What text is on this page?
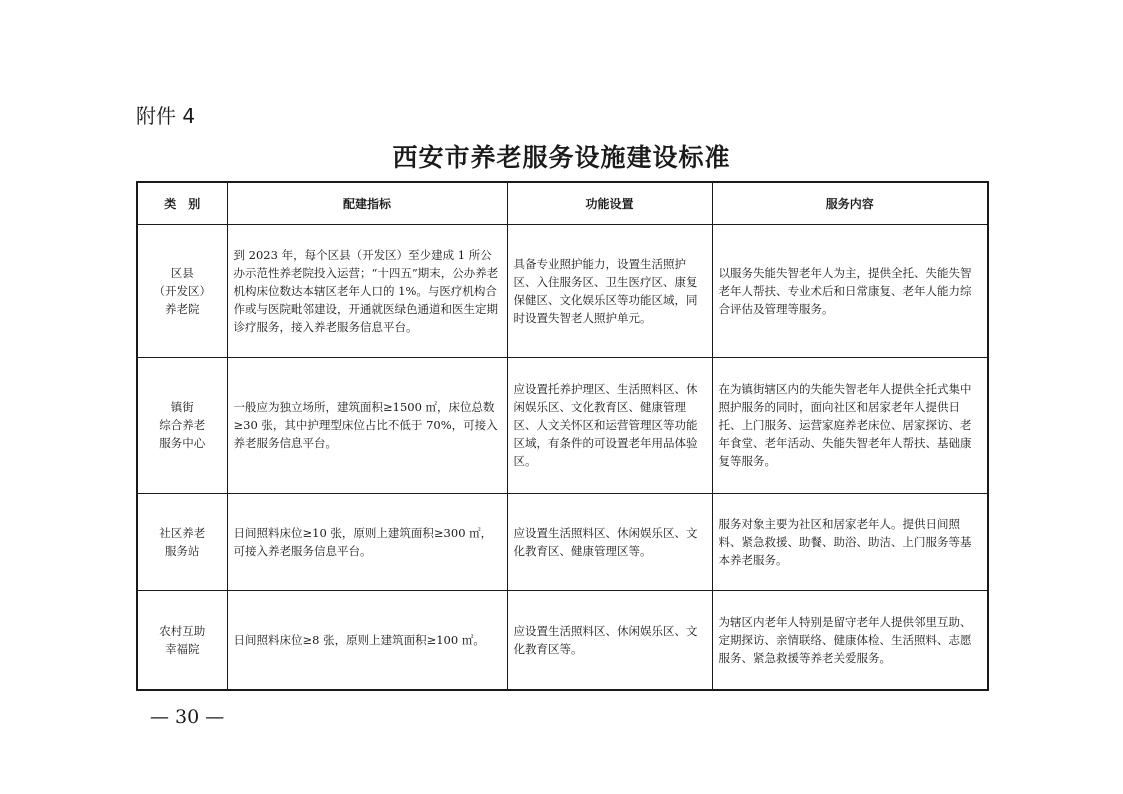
附件 4
西安市养老服务设施建设标准
类　别	配建指标	功能设置	服务内容

区县
（开发区）
养老院	到 2023 年，每个区县（开发区）至少建成 1 所公办示范性养老院投入运营；“十四五”期末，公办养老机构床位数达本辖区老年人口的 1%。与医疗机构合作或与医院毗邻建设，开通就医绿色通道和医生定期诊疗服务，接入养老服务信息平台。	具备专业照护能力，设置生活照护区、入住服务区、卫生医疗区、康复保健区、文化娱乐区等功能区域，同时设置失智老人照护单元。	以服务失能失智老年人为主，提供全托、失能失智老年人帮扶、专业术后和日常康复、老年人能力综合评估及管理等服务。

镇街
综合养老
服务中心	一般应为独立场所，建筑面积≥1500 ㎡，床位总数≥30 张，其中护理型床位占比不低于 70%，可接入养老服务信息平台。	应设置托养护理区、生活照料区、休闲娱乐区、文化教育区、健康管理区、人文关怀区和运营管理区等功能区域，有条件的可设置老年用品体验区。	在为镇街辖区内的失能失智老年人提供全托式集中照护服务的同时，面向社区和居家老年人提供日托、上门服务、运营家庭养老床位、居家探访、老年食堂、老年活动、失能失智老年人帮扶、基础康复等服务。

社区养老
服务站	日间照料床位≥10 张，原则上建筑面积≥300 ㎡，可接入养老服务信息平台。	应设置生活照料区、休闲娱乐区、文化教育区、健康管理区等。	服务对象主要为社区和居家老年人。提供日间照料、紧急救援、助餐、助浴、助洁、上门服务等基本养老服务。

农村互助
幸福院	日间照料床位≥8 张，原则上建筑面积≥100 ㎡。	应设置生活照料区、休闲娱乐区、文化教育区等。	为辖区内老年人特别是留守老年人提供邻里互助、定期探访、亲情联络、健康体检、生活照料、志愿服务、紧急救援等养老关爱服务。
— 30 —
